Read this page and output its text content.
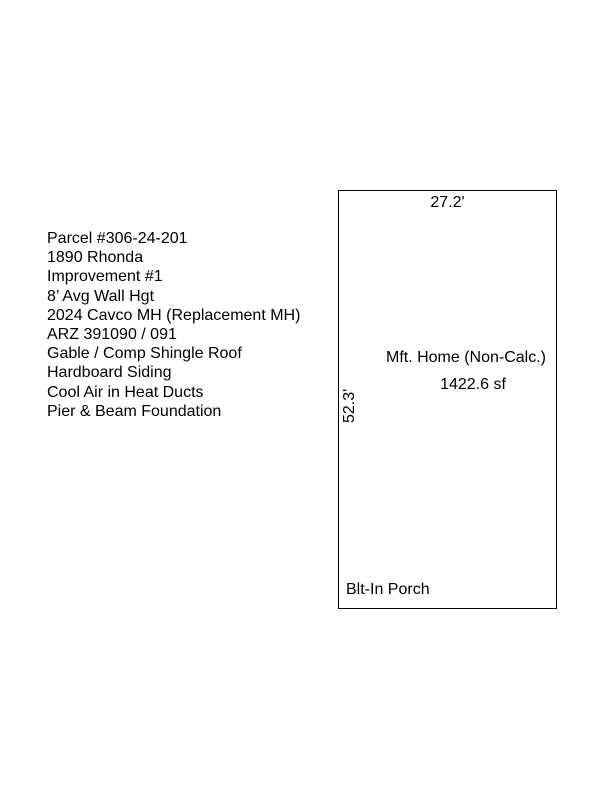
Parcel #306-24-201
1890 Rhonda
Improvement #1
8’ Avg Wall Hgt
2024 Cavco MH (Replacement MH)
ARZ 391090 / 091
Gable / Comp Shingle Roof
Hardboard Siding
Cool Air in Heat Ducts
Pier & Beam Foundation
27.2'
52.3'
Mft. Home (Non-Calc.)
1422.6 sf
Blt-In Porch
